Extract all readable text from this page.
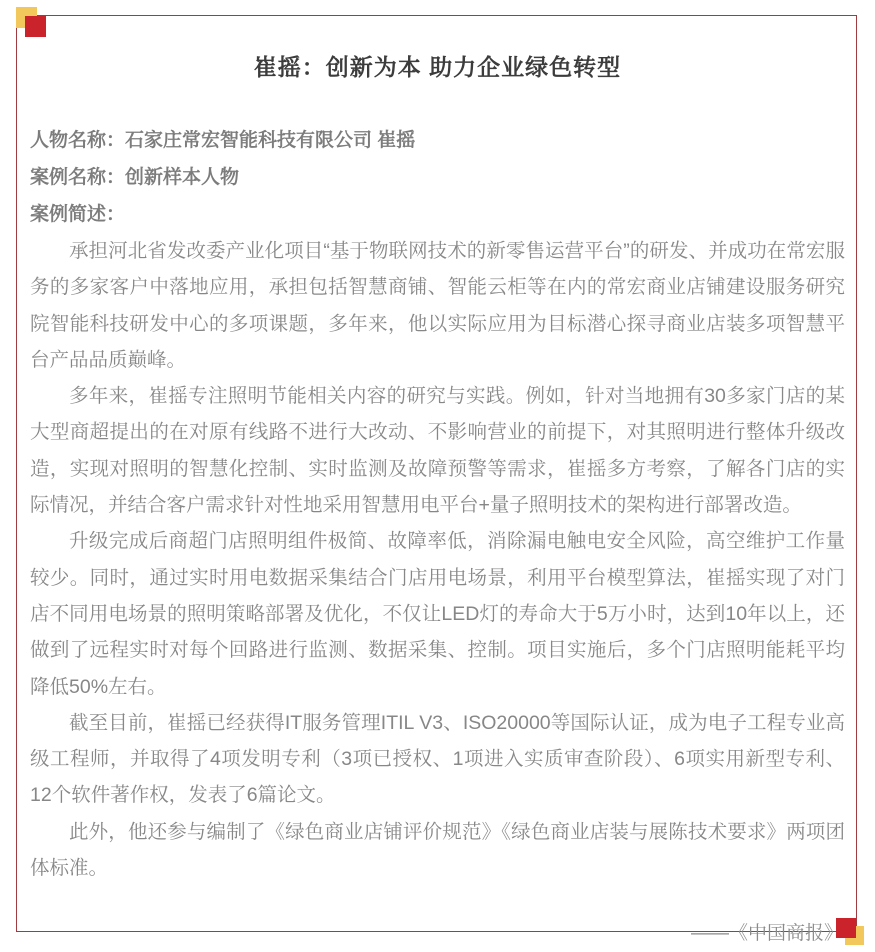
崔摇：创新为本 助力企业绿色转型
人物名称：石家庄常宏智能科技有限公司 崔摇
案例名称：创新样本人物
案例简述：

承担河北省发改委产业化项目“基于物联网技术的新零售运营平台”的研发、并成功在常宏服务的多家客户中落地应用，承担包括智慧商铺、智能云柜等在内的常宏商业店铺建设服务研究院智能科技研发中心的多项课题，多年来，他以实际应用为目标潜心探寻商业店装多项智慧平台产品品质巅峰。

多年来，崔摇专注照明节能相关内容的研究与实践。例如，针对当地拥有30多家门店的某大型商超提出的在对原有线路不进行大改动、不影响营业的前提下，对其照明进行整体升级改造，实现对照明的智慧化控制、实时监测及故障预警等需求，崔摇多方考察，了解各门店的实际情况，并结合客户需求针对性地采用智慧用电平台+量子照明技术的架构进行部署改造。

升级完成后商超门店照明组件极简、故障率低，消除漏电触电安全风险，高空维护工作量较少。同时，通过实时用电数据采集结合门店用电场景，利用平台模型算法，崔摇实现了对门店不同用电场景的照明策略部署及优化，不仅让LED灯的寿命大于5万小时，达到10年以上，还做到了远程实时对每个回路进行监测、数据采集、控制。项目实施后，多个门店照明能耗平均降低50%左右。

截至目前，崔摇已经获得IT服务管理ITIL V3、ISO20000等国际认证，成为电子工程专业高级工程师，并取得了4项发明专利（3项已授权、1项进入实质审查阶段）、6项实用新型专利、12个软件著作权，发表了6篇论文。

此外，他还参与编制了《绿色商业店铺评价规范》《绿色商业店装与展陈技术要求》两项团体标准。

——《中国商报》
